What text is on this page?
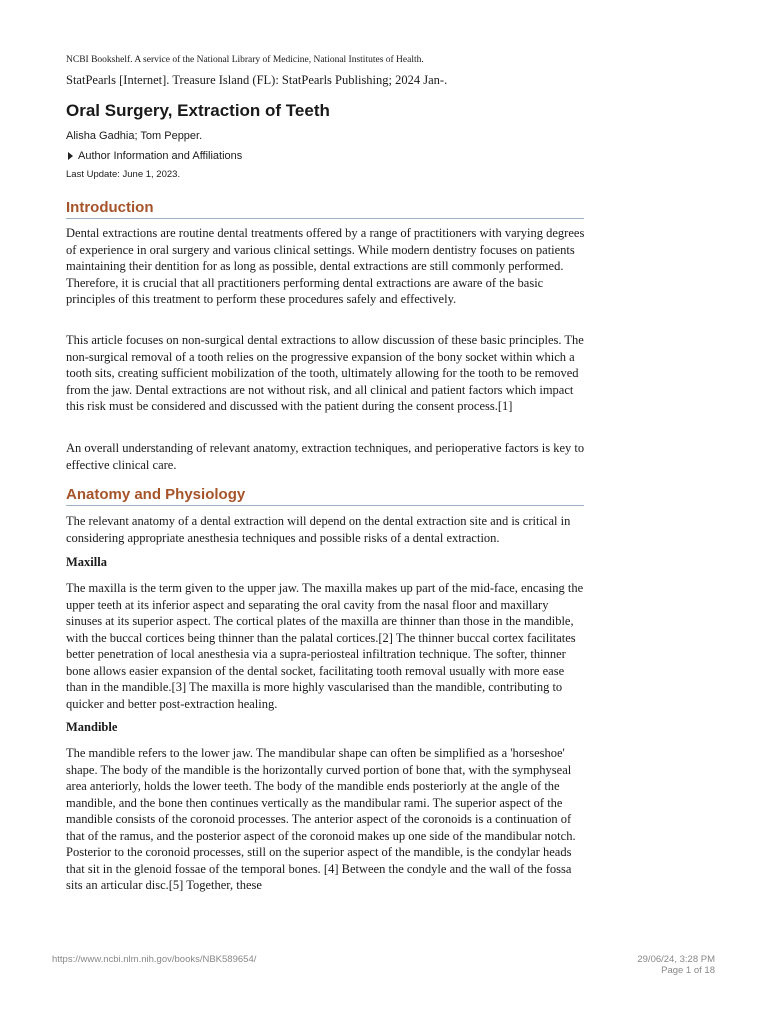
NCBI Bookshelf. A service of the National Library of Medicine, National Institutes of Health.
StatPearls [Internet]. Treasure Island (FL): StatPearls Publishing; 2024 Jan-.
Oral Surgery, Extraction of Teeth
Alisha Gadhia; Tom Pepper.
Author Information and Affiliations
Last Update: June 1, 2023.
Introduction

Dental extractions are routine dental treatments offered by a range of practitioners with varying degrees of experience in oral surgery and various clinical settings. While modern dentistry focuses on patients maintaining their dentition for as long as possible, dental extractions are still commonly performed. Therefore, it is crucial that all practitioners performing dental extractions are aware of the basic principles of this treatment to perform these procedures safely and effectively.

This article focuses on non-surgical dental extractions to allow discussion of these basic principles. The non-surgical removal of a tooth relies on the progressive expansion of the bony socket within which a tooth sits, creating sufficient mobilization of the tooth, ultimately allowing for the tooth to be removed from the jaw. Dental extractions are not without risk, and all clinical and patient factors which impact this risk must be considered and discussed with the patient during the consent process.[1]

An overall understanding of relevant anatomy, extraction techniques, and perioperative factors is key to effective clinical care.

Anatomy and Physiology

The relevant anatomy of a dental extraction will depend on the dental extraction site and is critical in considering appropriate anesthesia techniques and possible risks of a dental extraction.

Maxilla

The maxilla is the term given to the upper jaw. The maxilla makes up part of the mid-face, encasing the upper teeth at its inferior aspect and separating the oral cavity from the nasal floor and maxillary sinuses at its superior aspect. The cortical plates of the maxilla are thinner than those in the mandible, with the buccal cortices being thinner than the palatal cortices.[2] The thinner buccal cortex facilitates better penetration of local anesthesia via a supra-periosteal infiltration technique. The softer, thinner bone allows easier expansion of the dental socket, facilitating tooth removal usually with more ease than in the mandible.[3] The maxilla is more highly vascularised than the mandible, contributing to quicker and better post-extraction healing.

Mandible

The mandible refers to the lower jaw. The mandibular shape can often be simplified as a 'horseshoe' shape. The body of the mandible is the horizontally curved portion of bone that, with the symphyseal area anteriorly, holds the lower teeth. The body of the mandible ends posteriorly at the angle of the mandible, and the bone then continues vertically as the mandibular rami. The superior aspect of the mandible consists of the coronoid processes. The anterior aspect of the coronoids is a continuation of that of the ramus, and the posterior aspect of the coronoid makes up one side of the mandibular notch. Posterior to the coronoid processes, still on the superior aspect of the mandible, is the condylar heads that sit in the glenoid fossae of the temporal bones. [4] Between the condyle and the wall of the fossa sits an articular disc.[5] Together, these

https://www.ncbi.nlm.nih.gov/books/NBK589654/	29/06/24, 3:28 PM
Page 1 of 18
